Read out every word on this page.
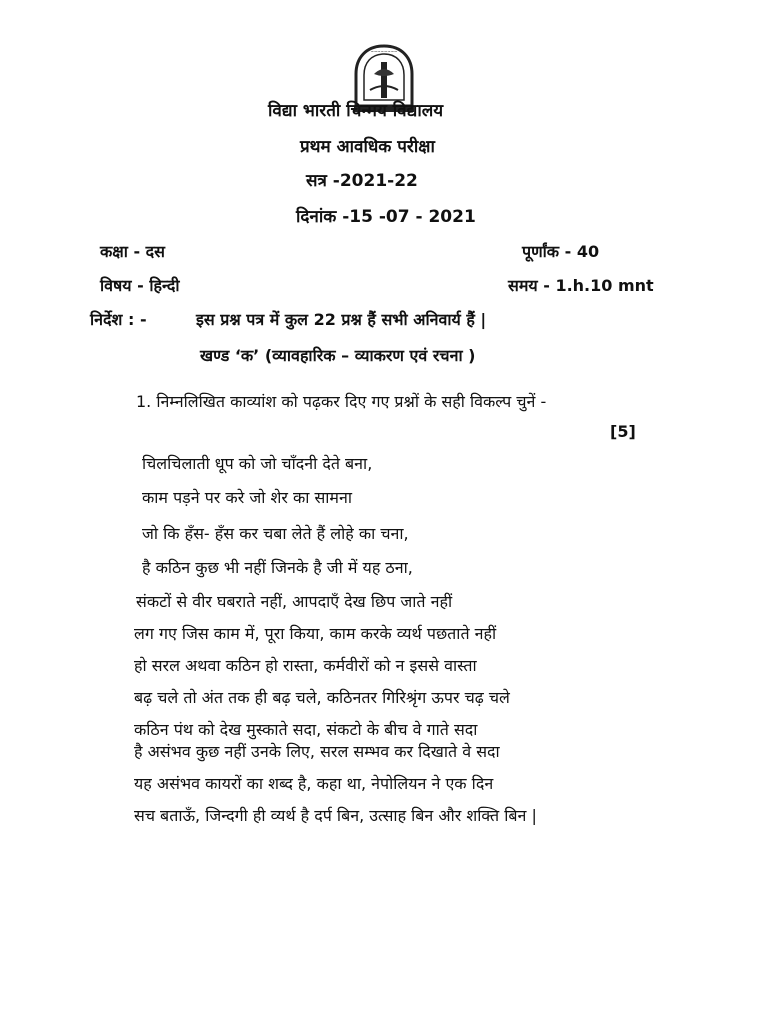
~~~~~~~~
विद्या भारती चिन्मय विद्यालय
प्रथम आवधिक परीक्षा
सत्र -2021-22
दिनांक -15 -07 - 2021
कक्षा - दस	पूर्णांक - 40
विषय - हिन्दी	समय - 1.h.10 mnt
निर्देश : -	इस प्रश्न पत्र में कुल 22 प्रश्न हैं सभी अनिवार्य हैं |
खण्ड ‘क’ (व्यावहारिक – व्याकरण एवं रचना )
1. निम्नलिखित काव्यांश को पढ़कर दिए गए प्रश्नों के सही विकल्प चुनें -
[5]
चिलचिलाती धूप को जो चाँदनी देते बना,
काम पड़ने पर करे जो शेर का सामना
जो कि हँस- हँस कर चबा लेते हैं लोहे का चना,
है कठिन कुछ भी नहीं जिनके है जी में यह ठना,
संकटों से वीर घबराते नहीं, आपदाएँ देख छिप जाते नहीं
लग गए जिस काम में, पूरा किया, काम करके व्यर्थ पछताते नहीं
हो सरल अथवा कठिन हो रास्ता, कर्मवीरों को न इससे वास्ता
बढ़ चले तो अंत तक ही बढ़ चले, कठिनतर गिरिश्रृंग ऊपर चढ़ चले
कठिन पंथ को देख मुस्काते सदा, संकटो के बीच वे गाते सदा
है असंभव कुछ नहीं उनके लिए, सरल सम्भव कर दिखाते वे सदा
यह असंभव कायरों का शब्द है, कहा था, नेपोलियन ने एक दिन
सच बताऊँ, जिन्दगी ही व्यर्थ है दर्प बिन, उत्साह बिन और शक्ति बिन |
